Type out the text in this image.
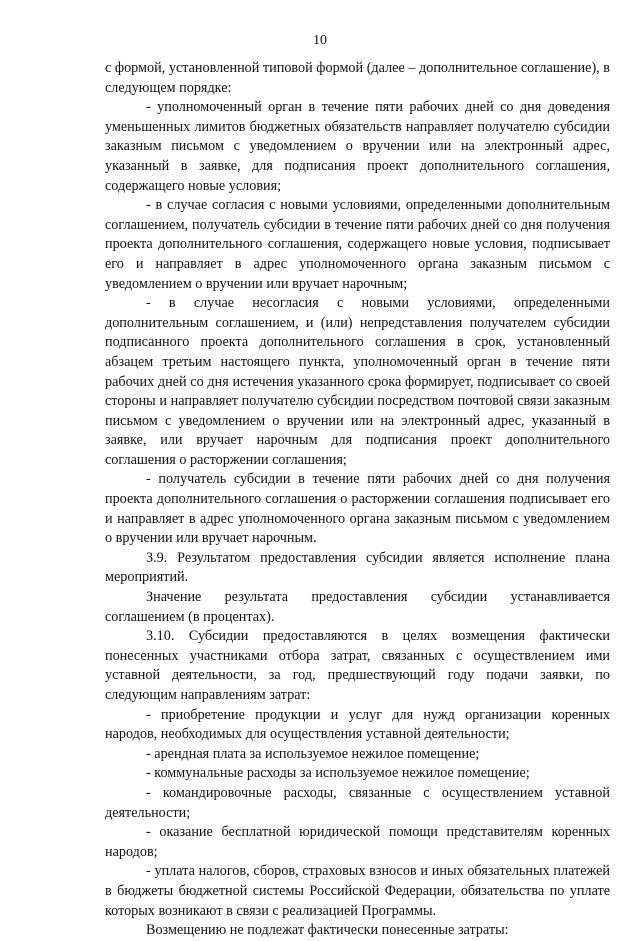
10

с формой, установленной типовой формой (далее – дополнительное соглашение), в следующем порядке:

- уполномоченный орган в течение пяти рабочих дней со дня доведения уменьшенных лимитов бюджетных обязательств направляет получателю субсидии заказным письмом с уведомлением о вручении или на электронный адрес, указанный в заявке, для подписания проект дополнительного соглашения, содержащего новые условия;

- в случае согласия с новыми условиями, определенными дополнительным соглашением, получатель субсидии в течение пяти рабочих дней со дня получения проекта дополнительного соглашения, содержащего новые условия, подписывает его и направляет в адрес уполномоченного органа заказным письмом с уведомлением о вручении или вручает нарочным;

- в случае несогласия с новыми условиями, определенными дополнительным соглашением, и (или) непредставления получателем субсидии подписанного проекта дополнительного соглашения в срок, установленный абзацем третьим настоящего пункта, уполномоченный орган в течение пяти рабочих дней со дня истечения указанного срока формирует, подписывает со своей стороны и направляет получателю субсидии посредством почтовой связи заказным письмом с уведомлением о вручении или на электронный адрес, указанный в заявке, или вручает нарочным для подписания проект дополнительного соглашения о расторжении соглашения;

- получатель субсидии в течение пяти рабочих дней со дня получения проекта дополнительного соглашения о расторжении соглашения подписывает его и направляет в адрес уполномоченного органа заказным письмом с уведомлением о вручении или вручает нарочным.

3.9. Результатом предоставления субсидии является исполнение плана мероприятий.

Значение результата предоставления субсидии устанавливается соглашением (в процентах).

3.10. Субсидии предоставляются в целях возмещения фактически понесенных участниками отбора затрат, связанных с осуществлением ими уставной деятельности, за год, предшествующий году подачи заявки, по следующим направлениям затрат:

- приобретение продукции и услуг для нужд организации коренных народов, необходимых для осуществления уставной деятельности;

- арендная плата за используемое нежилое помещение;

- коммунальные расходы за используемое нежилое помещение;

- командировочные расходы, связанные с осуществлением уставной деятельности;

- оказание бесплатной юридической помощи представителям коренных народов;

- уплата налогов, сборов, страховых взносов и иных обязательных платежей в бюджеты бюджетной системы Российской Федерации, обязательства по уплате которых возникают в связи с реализацией Программы.

Возмещению не подлежат фактически понесенные затраты:
